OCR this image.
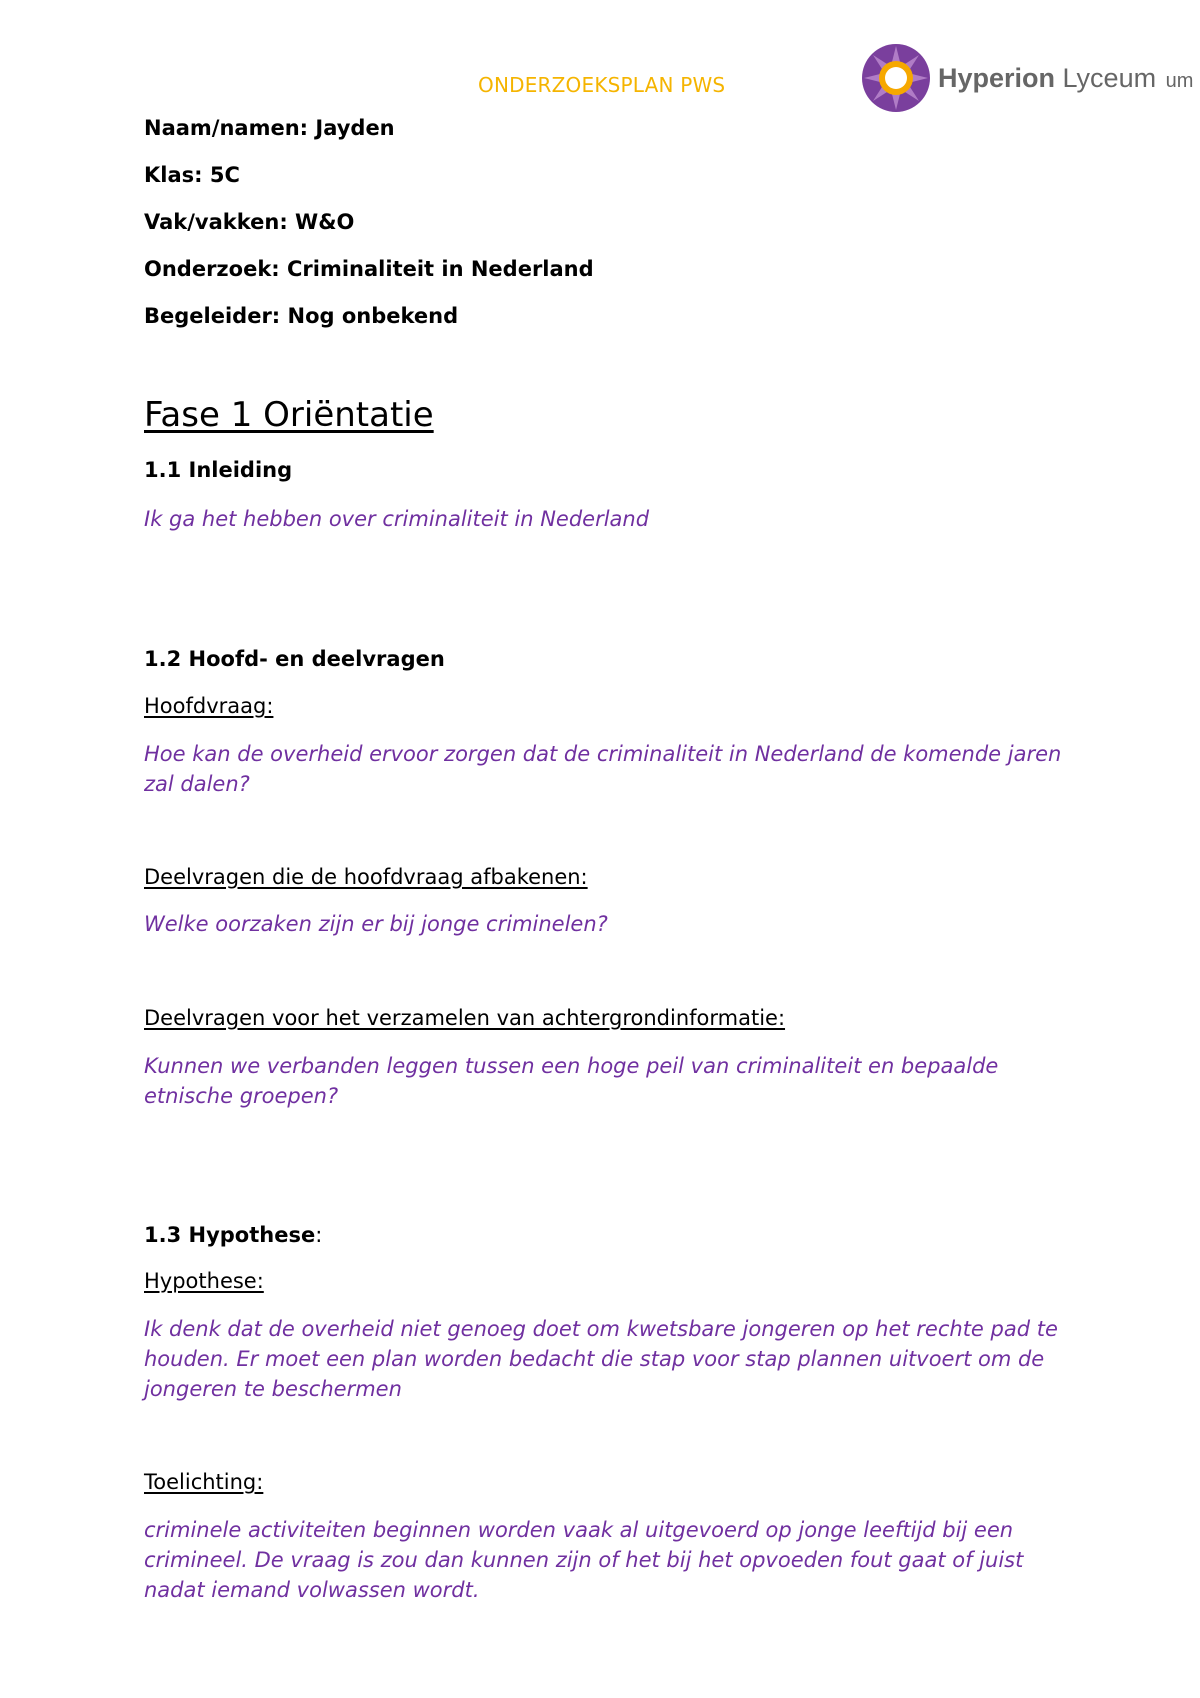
ONDERZOEKSPLAN PWS	Hyperion Lyceum um
Naam/namen: Jayden
Klas: 5C
Vak/vakken: W&O
Onderzoek: Criminaliteit in Nederland
Begeleider: Nog onbekend
Fase 1 Oriëntatie
1.1 Inleiding
Ik ga het hebben over criminaliteit in Nederland
1.2 Hoofd- en deelvragen
Hoofdvraag:
Hoe kan de overheid ervoor zorgen dat de criminaliteit in Nederland de komende jaren zal dalen?
Deelvragen die de hoofdvraag afbakenen:
Welke oorzaken zijn er bij jonge criminelen?
Deelvragen voor het verzamelen van achtergrondinformatie:
Kunnen we verbanden leggen tussen een hoge peil van criminaliteit en bepaalde etnische groepen?
1.3 Hypothese:
Hypothese:
Ik denk dat de overheid niet genoeg doet om kwetsbare jongeren op het rechte pad te houden. Er moet een plan worden bedacht die stap voor stap plannen uitvoert om de jongeren te beschermen
Toelichting:
criminele activiteiten beginnen worden vaak al uitgevoerd op jonge leeftijd bij een crimineel. De vraag is zou dan kunnen zijn of het bij het opvoeden fout gaat of juist nadat iemand volwassen wordt.
